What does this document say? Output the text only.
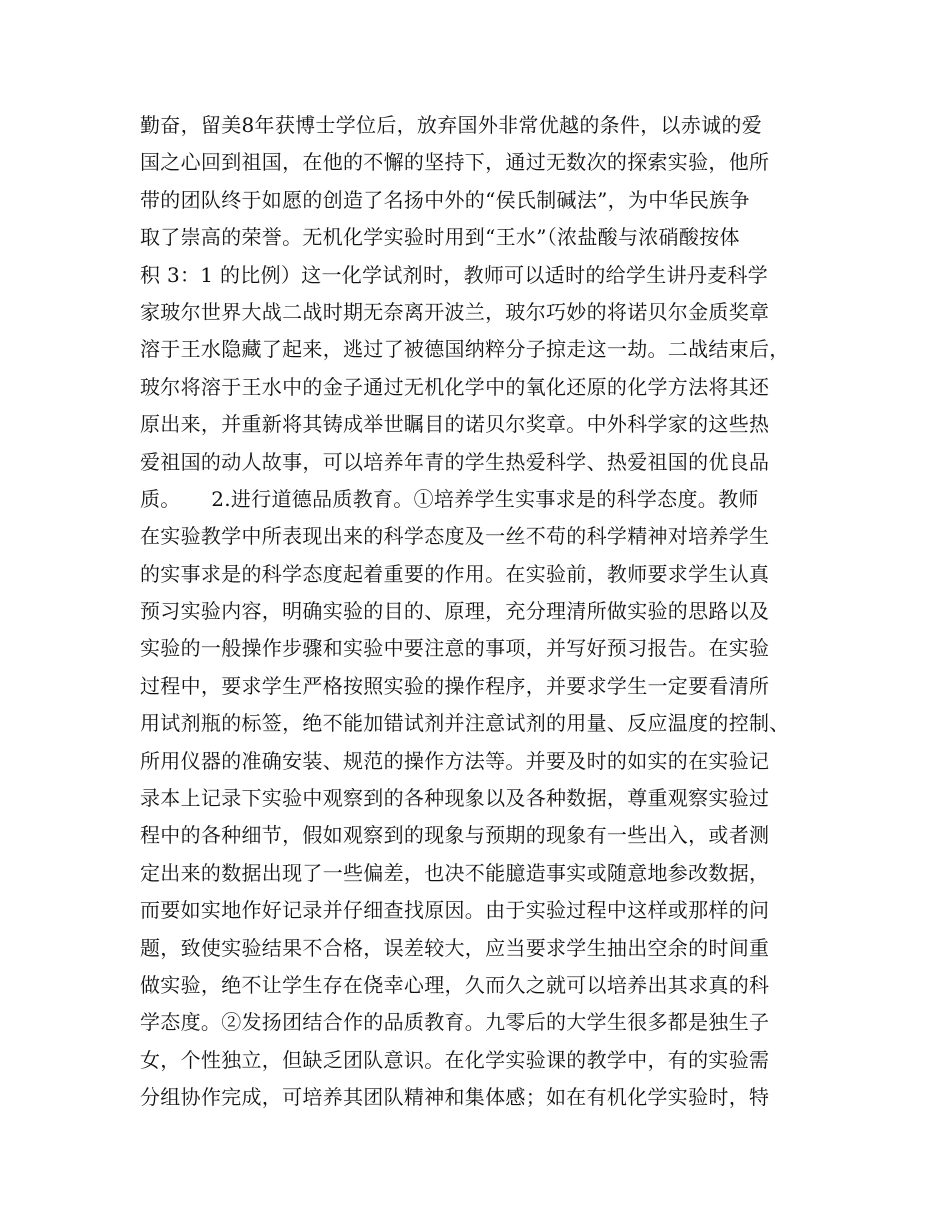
勤奋，留美8年获博士学位后，放弃国外非常优越的条件，以赤诚的爱
国之心回到祖国，在他的不懈的坚持下，通过无数次的探索实验，他所
带的团队终于如愿的创造了名扬中外的“侯氏制碱法”，为中华民族争
取了崇高的荣誉。无机化学实验时用到“王水”（浓盐酸与浓硝酸按体
积 3：1 的比例）这一化学试剂时，教师可以适时的给学生讲丹麦科学
家玻尔世界大战二战时期无奈离开波兰，玻尔巧妙的将诺贝尔金质奖章
溶于王水隐藏了起来，逃过了被德国纳粹分子掠走这一劫。二战结束后，
玻尔将溶于王水中的金子通过无机化学中的氧化还原的化学方法将其还
原出来，并重新将其铸成举世瞩目的诺贝尔奖章。中外科学家的这些热
爱祖国的动人故事，可以培养年青的学生热爱科学、热爱祖国的优良品
质。　　2.进行道德品质教育。①培养学生实事求是的科学态度。教师
在实验教学中所表现出来的科学态度及一丝不苟的科学精神对培养学生
的实事求是的科学态度起着重要的作用。在实验前，教师要求学生认真
预习实验内容，明确实验的目的、原理，充分理清所做实验的思路以及
实验的一般操作步骤和实验中要注意的事项，并写好预习报告。在实验
过程中，要求学生严格按照实验的操作程序，并要求学生一定要看清所
用试剂瓶的标签，绝不能加错试剂并注意试剂的用量、反应温度的控制、
所用仪器的准确安装、规范的操作方法等。并要及时的如实的在实验记
录本上记录下实验中观察到的各种现象以及各种数据，尊重观察实验过
程中的各种细节，假如观察到的现象与预期的现象有一些出入，或者测
定出来的数据出现了一些偏差，也决不能臆造事实或随意地参改数据，
而要如实地作好记录并仔细查找原因。由于实验过程中这样或那样的问
题，致使实验结果不合格，误差较大，应当要求学生抽出空余的时间重
做实验，绝不让学生存在侥幸心理，久而久之就可以培养出其求真的科
学态度。②发扬团结合作的品质教育。九零后的大学生很多都是独生子
女，个性独立，但缺乏团队意识。在化学实验课的教学中，有的实验需
分组协作完成，可培养其团队精神和集体感；如在有机化学实验时，特
